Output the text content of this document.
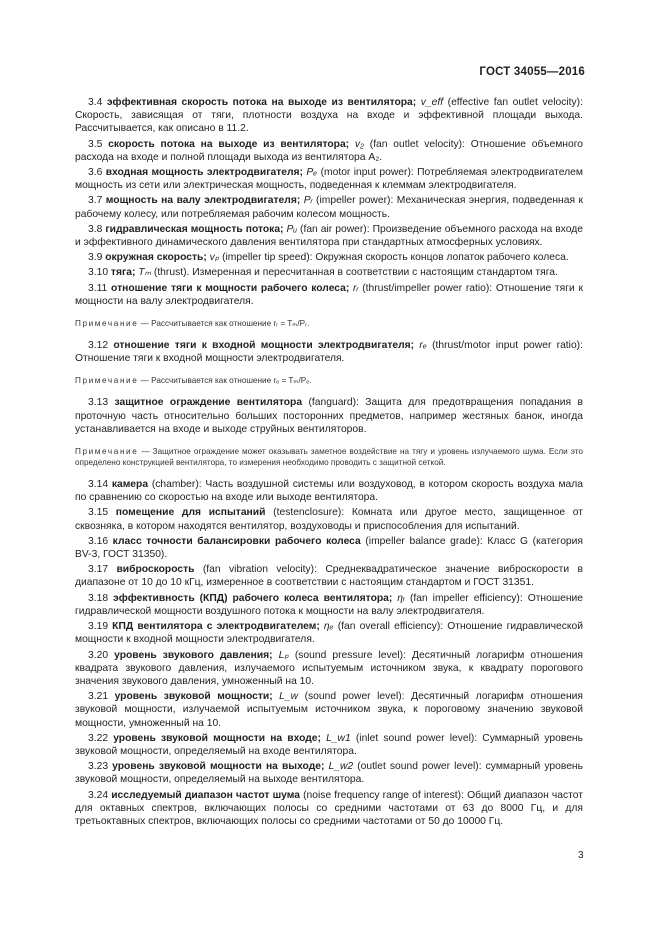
ГОСТ 34055—2016

3.4 эффективная скорость потока на выходе из вентилятора; v_eff (effective fan outlet velocity): Скорость, зависящая от тяги, плотности воздуха на входе и эффективной площади выхода. Рассчитывается, как описано в 11.2.

3.5 скорость потока на выходе из вентилятора; v₂ (fan outlet velocity): Отношение объемного расхода на входе и полной площади выхода из вентилятора A₂.

3.6 входная мощность электродвигателя; Pₑ (motor input power): Потребляемая электродвигателем мощность из сети или электрическая мощность, подведенная к клеммам электродвигателя.

3.7 мощность на валу электродвигателя; Pᵣ (impeller power): Механическая энергия, подведенная к рабочему колесу, или потребляемая рабочим колесом мощность.

3.8 гидравлическая мощность потока; Pᵤ (fan air power): Произведение объемного расхода на входе и эффективного динамического давления вентилятора при стандартных атмосферных условиях.

3.9 окружная скорость; vₚ (impeller tip speed): Окружная скорость концов лопаток рабочего колеса.

3.10 тяга; Tₘ (thrust). Измеренная и пересчитанная в соответствии с настоящим стандартом тяга.

3.11 отношение тяги к мощности рабочего колеса; rᵣ (thrust/impeller power ratio): Отношение тяги к мощности на валу электродвигателя.

Примечание — Рассчитывается как отношение rᵣ = Tₘ/Pᵣ.

3.12 отношение тяги к входной мощности электродвигателя; rₑ (thrust/motor input power ratio): Отношение тяги к входной мощности электродвигателя.

Примечание — Рассчитывается как отношение rₑ = Tₘ/Pₑ.

3.13 защитное ограждение вентилятора (fanguard): Защита для предотвращения попадания в проточную часть относительно больших посторонних предметов, например жестяных банок, иногда устанавливается на входе и выходе струйных вентиляторов.

Примечание — Защитное ограждение может оказывать заметное воздействие на тягу и уровень излучаемого шума. Если это определено конструкцией вентилятора, то измерения необходимо проводить с защитной сеткой.

3.14 камера (chamber): Часть воздушной системы или воздуховод, в котором скорость воздуха мала по сравнению со скоростью на входе или выходе вентилятора.

3.15 помещение для испытаний (testenclosure): Комната или другое место, защищенное от сквозняка, в котором находятся вентилятор, воздуховоды и приспособления для испытаний.

3.16 класс точности балансировки рабочего колеса (impeller balance grade): Класс G (категория BV-3, ГОСТ 31350).

3.17 виброскорость (fan vibration velocity): Среднеквадратическое значение виброскорости в диапазоне от 10 до 10 кГц, измеренное в соответствии с настоящим стандартом и ГОСТ 31351.

3.18 эффективность (КПД) рабочего колеса вентилятора; ηᵣ (fan impeller efficiency): Отношение гидравлической мощности воздушного потока к мощности на валу электродвигателя.

3.19 КПД вентилятора с электродвигателем; ηₑ (fan overall efficiency): Отношение гидравлической мощности к входной мощности электродвигателя.

3.20 уровень звукового давления; Lₚ (sound pressure level): Десятичный логарифм отношения квадрата звукового давления, излучаемого испытуемым источником звука, к квадрату порогового значения звукового давления, умноженный на 10.

3.21 уровень звуковой мощности; L_w (sound power level): Десятичный логарифм отношения звуковой мощности, излучаемой испытуемым источником звука, к пороговому значению звуковой мощности, умноженный на 10.

3.22 уровень звуковой мощности на входе; L_w1 (inlet sound power level): Суммарный уровень звуковой мощности, определяемый на входе вентилятора.

3.23 уровень звуковой мощности на выходе; L_w2 (outlet sound power level): суммарный уровень звуковой мощности, определяемый на выходе вентилятора.

3.24 исследуемый диапазон частот шума (noise frequency range of interest): Общий диапазон частот для октавных спектров, включающих полосы со средними частотами от 63 до 8000 Гц, и для третьоктавных спектров, включающих полосы со средними частотами от 50 до 10000 Гц.

3
